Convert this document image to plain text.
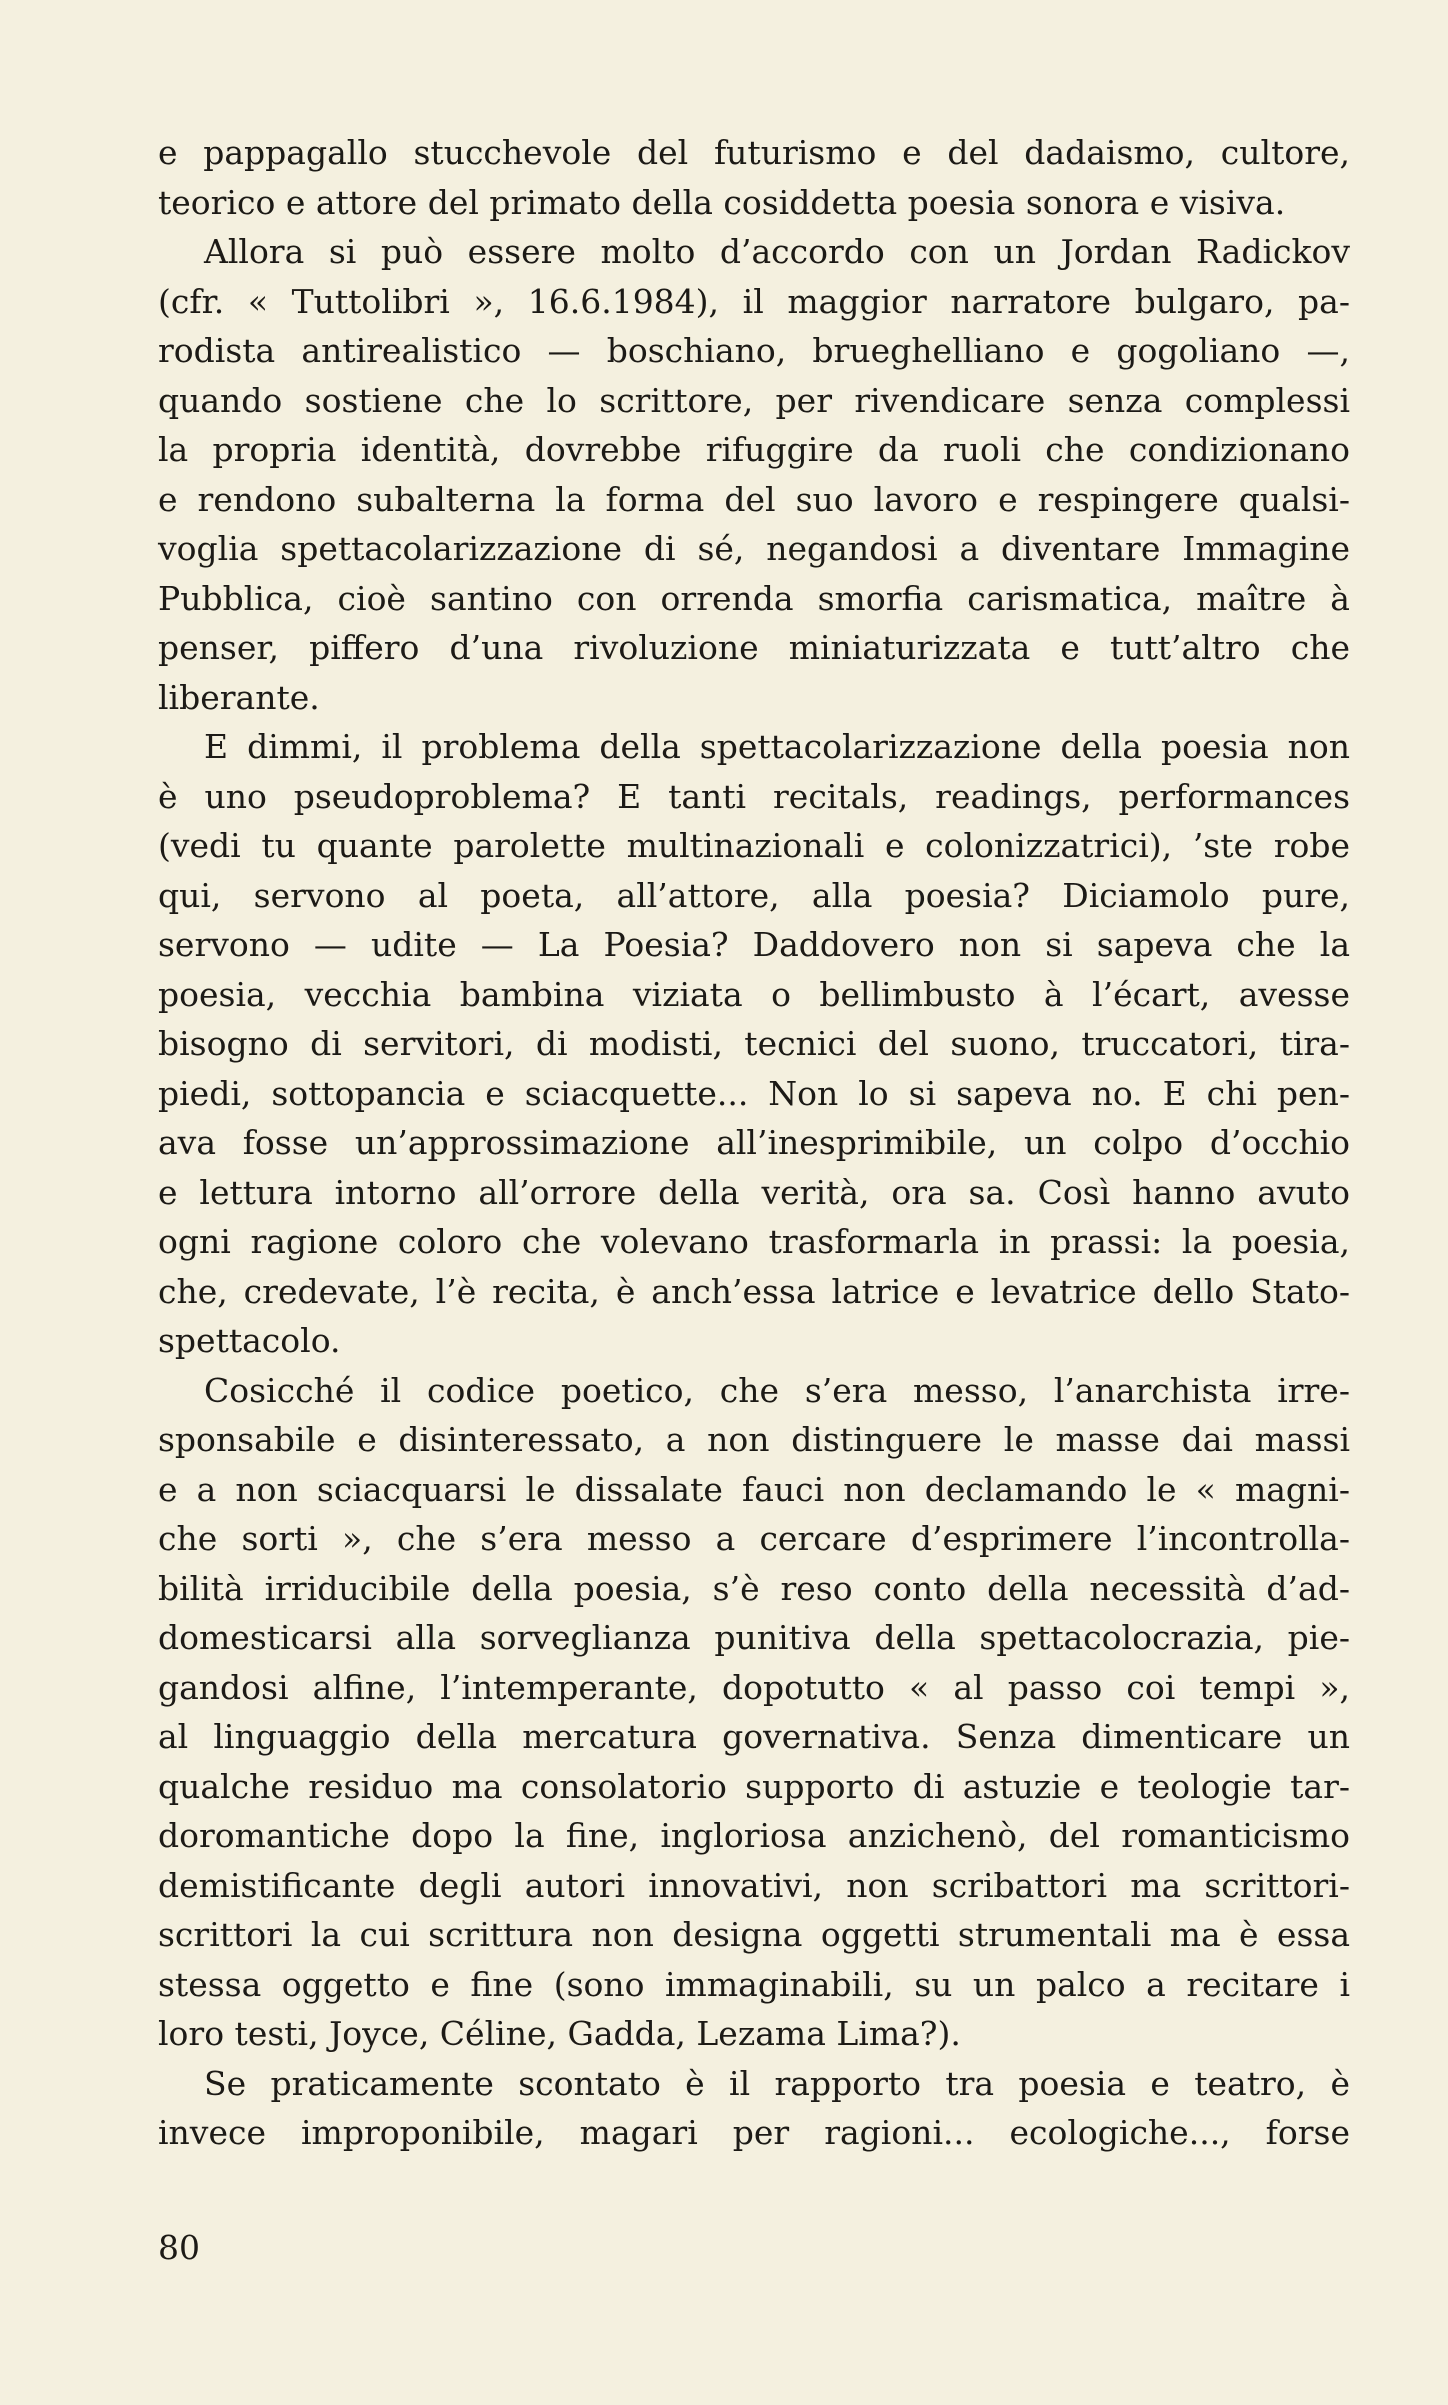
e pappagallo stucchevole del futurismo e del dadaismo, cultore,
teorico e attore del primato della cosiddetta poesia sonora e visiva.
Allora si può essere molto d’accordo con un Jordan Radickov
(cfr. « Tuttolibri », 16.6.1984), il maggior narratore bulgaro, pa-
rodista antirealistico — boschiano, brueghelliano e gogoliano —,
quando sostiene che lo scrittore, per rivendicare senza complessi
la propria identità, dovrebbe rifuggire da ruoli che condizionano
e rendono subalterna la forma del suo lavoro e respingere qualsi-
voglia spettacolarizzazione di sé, negandosi a diventare Immagine
Pubblica, cioè santino con orrenda smorfia carismatica, maître à
penser, piffero d’una rivoluzione miniaturizzata e tutt’altro che
liberante.
E dimmi, il problema della spettacolarizzazione della poesia non
è uno pseudoproblema? E tanti recitals, readings, performances
(vedi tu quante parolette multinazionali e colonizzatrici), ’ste robe
qui, servono al poeta, all’attore, alla poesia? Diciamolo pure,
servono — udite — La Poesia? Daddovero non si sapeva che la
poesia, vecchia bambina viziata o bellimbusto à l’écart, avesse
bisogno di servitori, di modisti, tecnici del suono, truccatori, tira-
piedi, sottopancia e sciacquette... Non lo si sapeva no. E chi pen-
ava fosse un’approssimazione all’inesprimibile, un colpo d’occhio
e lettura intorno all’orrore della verità, ora sa. Così hanno avuto
ogni ragione coloro che volevano trasformarla in prassi: la poesia,
che, credevate, l’è recita, è anch’essa latrice e levatrice dello Stato-
spettacolo.
Cosicché il codice poetico, che s’era messo, l’anarchista irre-
sponsabile e disinteressato, a non distinguere le masse dai massi
e a non sciacquarsi le dissalate fauci non declamando le « magni-
che sorti », che s’era messo a cercare d’esprimere l’incontrolla-
bilità irriducibile della poesia, s’è reso conto della necessità d’ad-
domesticarsi alla sorveglianza punitiva della spettacolocrazia, pie-
gandosi alfine, l’intemperante, dopotutto « al passo coi tempi »,
al linguaggio della mercatura governativa. Senza dimenticare un
qualche residuo ma consolatorio supporto di astuzie e teologie tar-
doromantiche dopo la fine, ingloriosa anzichenò, del romanticismo
demistificante degli autori innovativi, non scribattori ma scrittori-
scrittori la cui scrittura non designa oggetti strumentali ma è essa
stessa oggetto e fine (sono immaginabili, su un palco a recitare i
loro testi, Joyce, Céline, Gadda, Lezama Lima?).
Se praticamente scontato è il rapporto tra poesia e teatro, è
invece improponibile, magari per ragioni... ecologiche..., forse
80
